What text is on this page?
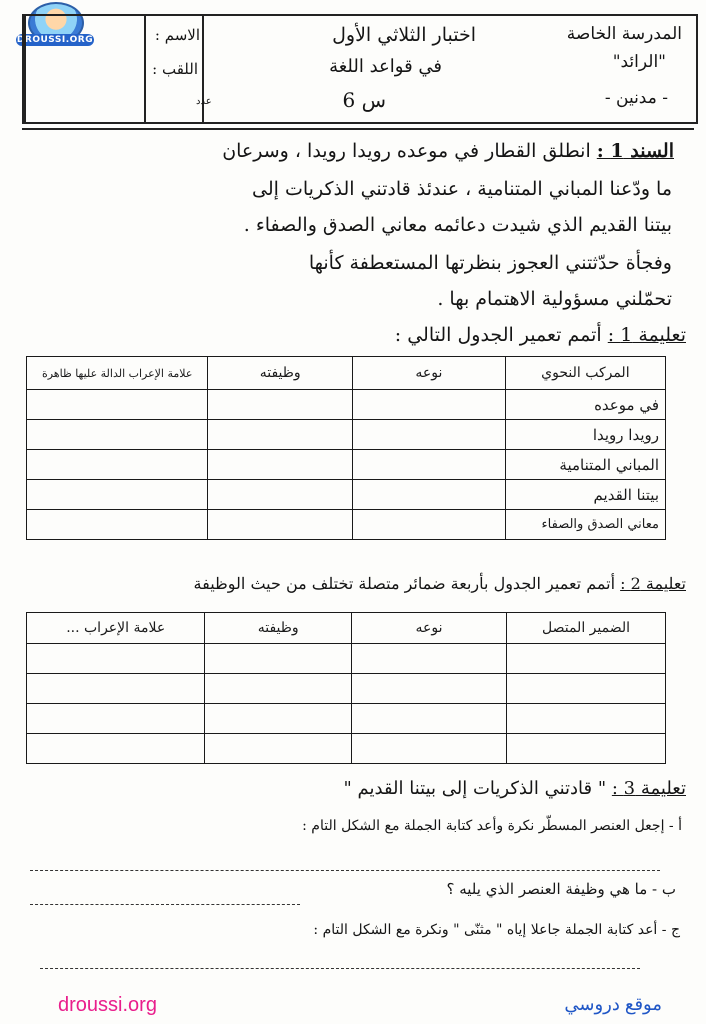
DROUSSI.ORG	المدرسة الخاصة
"الرائد"
- مدنين -
اختبار الثلاثي الأول
في قواعد اللغة
س 6
الاسم :
اللقب :
عدد
السند 1 : انطلق القطار في موعده رويدا رويدا ، وسرعان
ما ودّعنا المباني المتنامية ، عندئذ قادتني الذكريات إلى
بيتنا القديم الذي شيدت دعائمه معاني الصدق والصفاء .
وفجأة حدّثتني العجوز بنظرتها المستعطفة كأنها
تحمّلني مسؤولية الاهتمام بها .
تعليمة 1 : أتمم تعمير الجدول التالي :
المركب النحوي	نوعه	وظيفته	علامة الإعراب الدالة عليها ظاهرة
في موعده			
رويدا رويدا			
المباني المتنامية			
بيتنا القديم			
معاني الصدق والصفاء			
تعليمة 2 : أتمم تعمير الجدول بأربعة ضمائر متصلة تختلف من حيث الوظيفة
الضمير المتصل	نوعه	وظيفته	علامة الإعراب ...

تعليمة 3 : " قادتني الذكريات إلى بيتنا القديم "
أ - إجعل العنصر المسطّر نكرة وأعد كتابة الجملة مع الشكل التام :
ب - ما هي وظيفة العنصر الذي يليه ؟
ج - أعد كتابة الجملة جاعلا إياه " مثنّى " ونكرة مع الشكل التام :
droussi.org	موقع دروسي
